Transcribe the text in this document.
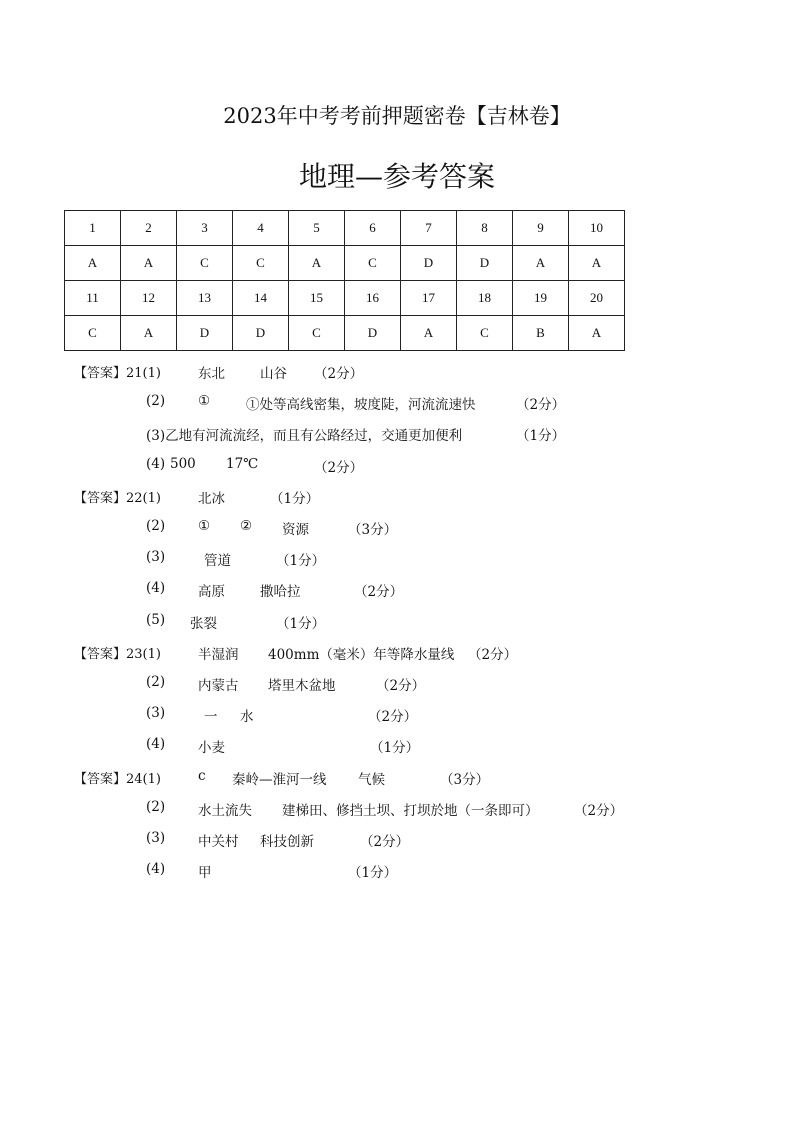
2023年中考考前押题密卷【吉林卷】
地理—参考答案
1	2	3	4	5	6	7	8	9	10
A	A	C	C	A	C	D	D	A	A
11	12	13	14	15	16	17	18	19	20
C	A	D	D	C	D	A	C	B	A
【答案】21(1)	东北	山谷 （2分）
(2) ①	①处等高线密集，坡度陡，河流流速快	（2分）
(3)乙地有河流流经，而且有公路经过，交通更加便利	（1分）
(4) 500 17℃	（2分）
【答案】22(1)	北冰	（1分）
(2) ① ② 资源	（3分）
(3)	管道	（1分）
(4) 高原	撒哈拉	（2分）
(5) 张裂	（1分）
【答案】23(1)	半湿润 400mm（毫米）年等降水量线 （2分）
(2) 内蒙古 塔里木盆地	（2分）
(3)	一 水	（2分）
(4) 小麦	（1分）
【答案】24(1)	c 秦岭—淮河一线 气候	（3分）
(2) 水土流失 建梯田、修挡土坝、打坝於地（一条即可）	（2分）
(3) 中关村 科技创新	（2分）
(4) 甲	（1分）
